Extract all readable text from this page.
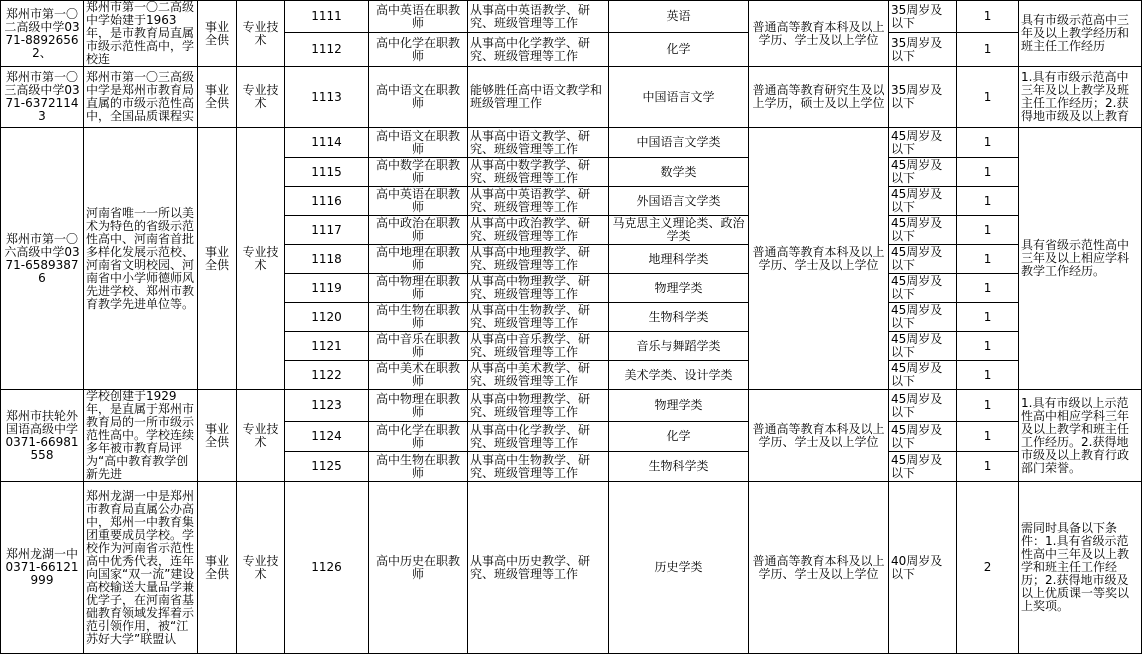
郑州市第一〇二高级中学0371-88926562、	郑州市第一〇二高级中学始建于1963年，是市教育局直属市级示范性高中，学校连	事业全供	专业技术	1111	高中英语在职教师	从事高中英语教学、研究、班级管理等工作	英语	普通高等教育本科及以上学历、学士及以上学位	35周岁及以下	1	具有市级示范高中三年及以上教学经历和班主任工作经历
				1112	高中化学在职教师	从事高中化学教学、研究、班级管理等工作	化学		35周岁及以下	1	
郑州市第一〇三高级中学0371-63721143	郑州市第一〇三高级中学是郑州市教育局直属的市级示范性高中，全国品质课程实	事业全供	专业技术	1113	高中语文在职教师	能够胜任高中语文教学和班级管理工作	中国语言文学	普通高等教育研究生及以上学历，硕士及以上学位	35周岁及以下	1	1.具有市级示范高中三年及以上教学及班主任工作经历；2.获得地市级及以上教育
郑州市第一〇六高级中学0371-65893876	河南省唯一一所以美术为特色的省级示范性高中、河南省首批多样化发展示范校、河南省文明校园、河南省中小学师德师风先进学校、郑州市教育教学先进单位等。	事业全供	专业技术	1114	高中语文在职教师	从事高中语文教学、研究、班级管理等工作	中国语言文学类	普通高等教育本科及以上学历、学士及以上学位	45周岁及以下	1	具有省级示范性高中三年及以上相应学科教学工作经历。
				1115	高中数学在职教师	从事高中数学教学、研究、班级管理等工作	数学类		45周岁及以下	1	
				1116	高中英语在职教师	从事高中英语教学、研究、班级管理等工作	外国语言文学类		45周岁及以下	1	
				1117	高中政治在职教师	从事高中政治教学、研究、班级管理等工作	马克思主义理论类、政治学类		45周岁及以下	1	
				1118	高中地理在职教师	从事高中地理教学、研究、班级管理等工作	地理科学类		45周岁及以下	1	
				1119	高中物理在职教师	从事高中物理教学、研究、班级管理等工作	物理学类		45周岁及以下	1	
				1120	高中生物在职教师	从事高中生物教学、研究、班级管理等工作	生物科学类		45周岁及以下	1	
				1121	高中音乐在职教师	从事高中音乐教学、研究、班级管理等工作	音乐与舞蹈学类		45周岁及以下	1	
				1122	高中美术在职教师	从事高中美术教学、研究、班级管理等工作	美术学类、设计学类		45周岁及以下	1	
郑州市扶轮外国语高级中学0371-66981558	学校创建于1929年，是直属于郑州市教育局的一所市级示范性高中。学校连续多年被市教育局评为“高中教育教学创新先进	事业全供	专业技术	1123	高中物理在职教师	从事高中物理教学、研究、班级管理等工作	物理学类	普通高等教育本科及以上学历、学士及以上学位	45周岁及以下	1	1.具有市级以上示范性高中相应学科三年及以上教学和班主任工作经历。2.获得地市级及以上教育行政部门荣誉。
				1124	高中化学在职教师	从事高中化学教学、研究、班级管理等工作	化学		45周岁及以下	1	
				1125	高中生物在职教师	从事高中生物教学、研究、班级管理等工作	生物科学类		45周岁及以下	1	
郑州龙湖一中0371-66121999	郑州龙湖一中是郑州市教育局直属公办高中，郑州一中教育集团重要成员学校。学校作为河南省示范性高中优秀代表，连年向国家“双一流”建设高校输送大量品学兼优学子，在河南省基础教育领域发挥着示范引领作用，被“江苏好大学”联盟认	事业全供	专业技术	1126	高中历史在职教师	从事高中历史教学、研究、班级管理等工作	历史学类	普通高等教育本科及以上学历、学士及以上学位	40周岁及以下	2	需同时具备以下条件：1.具有省级示范性高中三年及以上教学和班主任工作经历；2.获得地市级及以上优质课一等奖以上奖项。
